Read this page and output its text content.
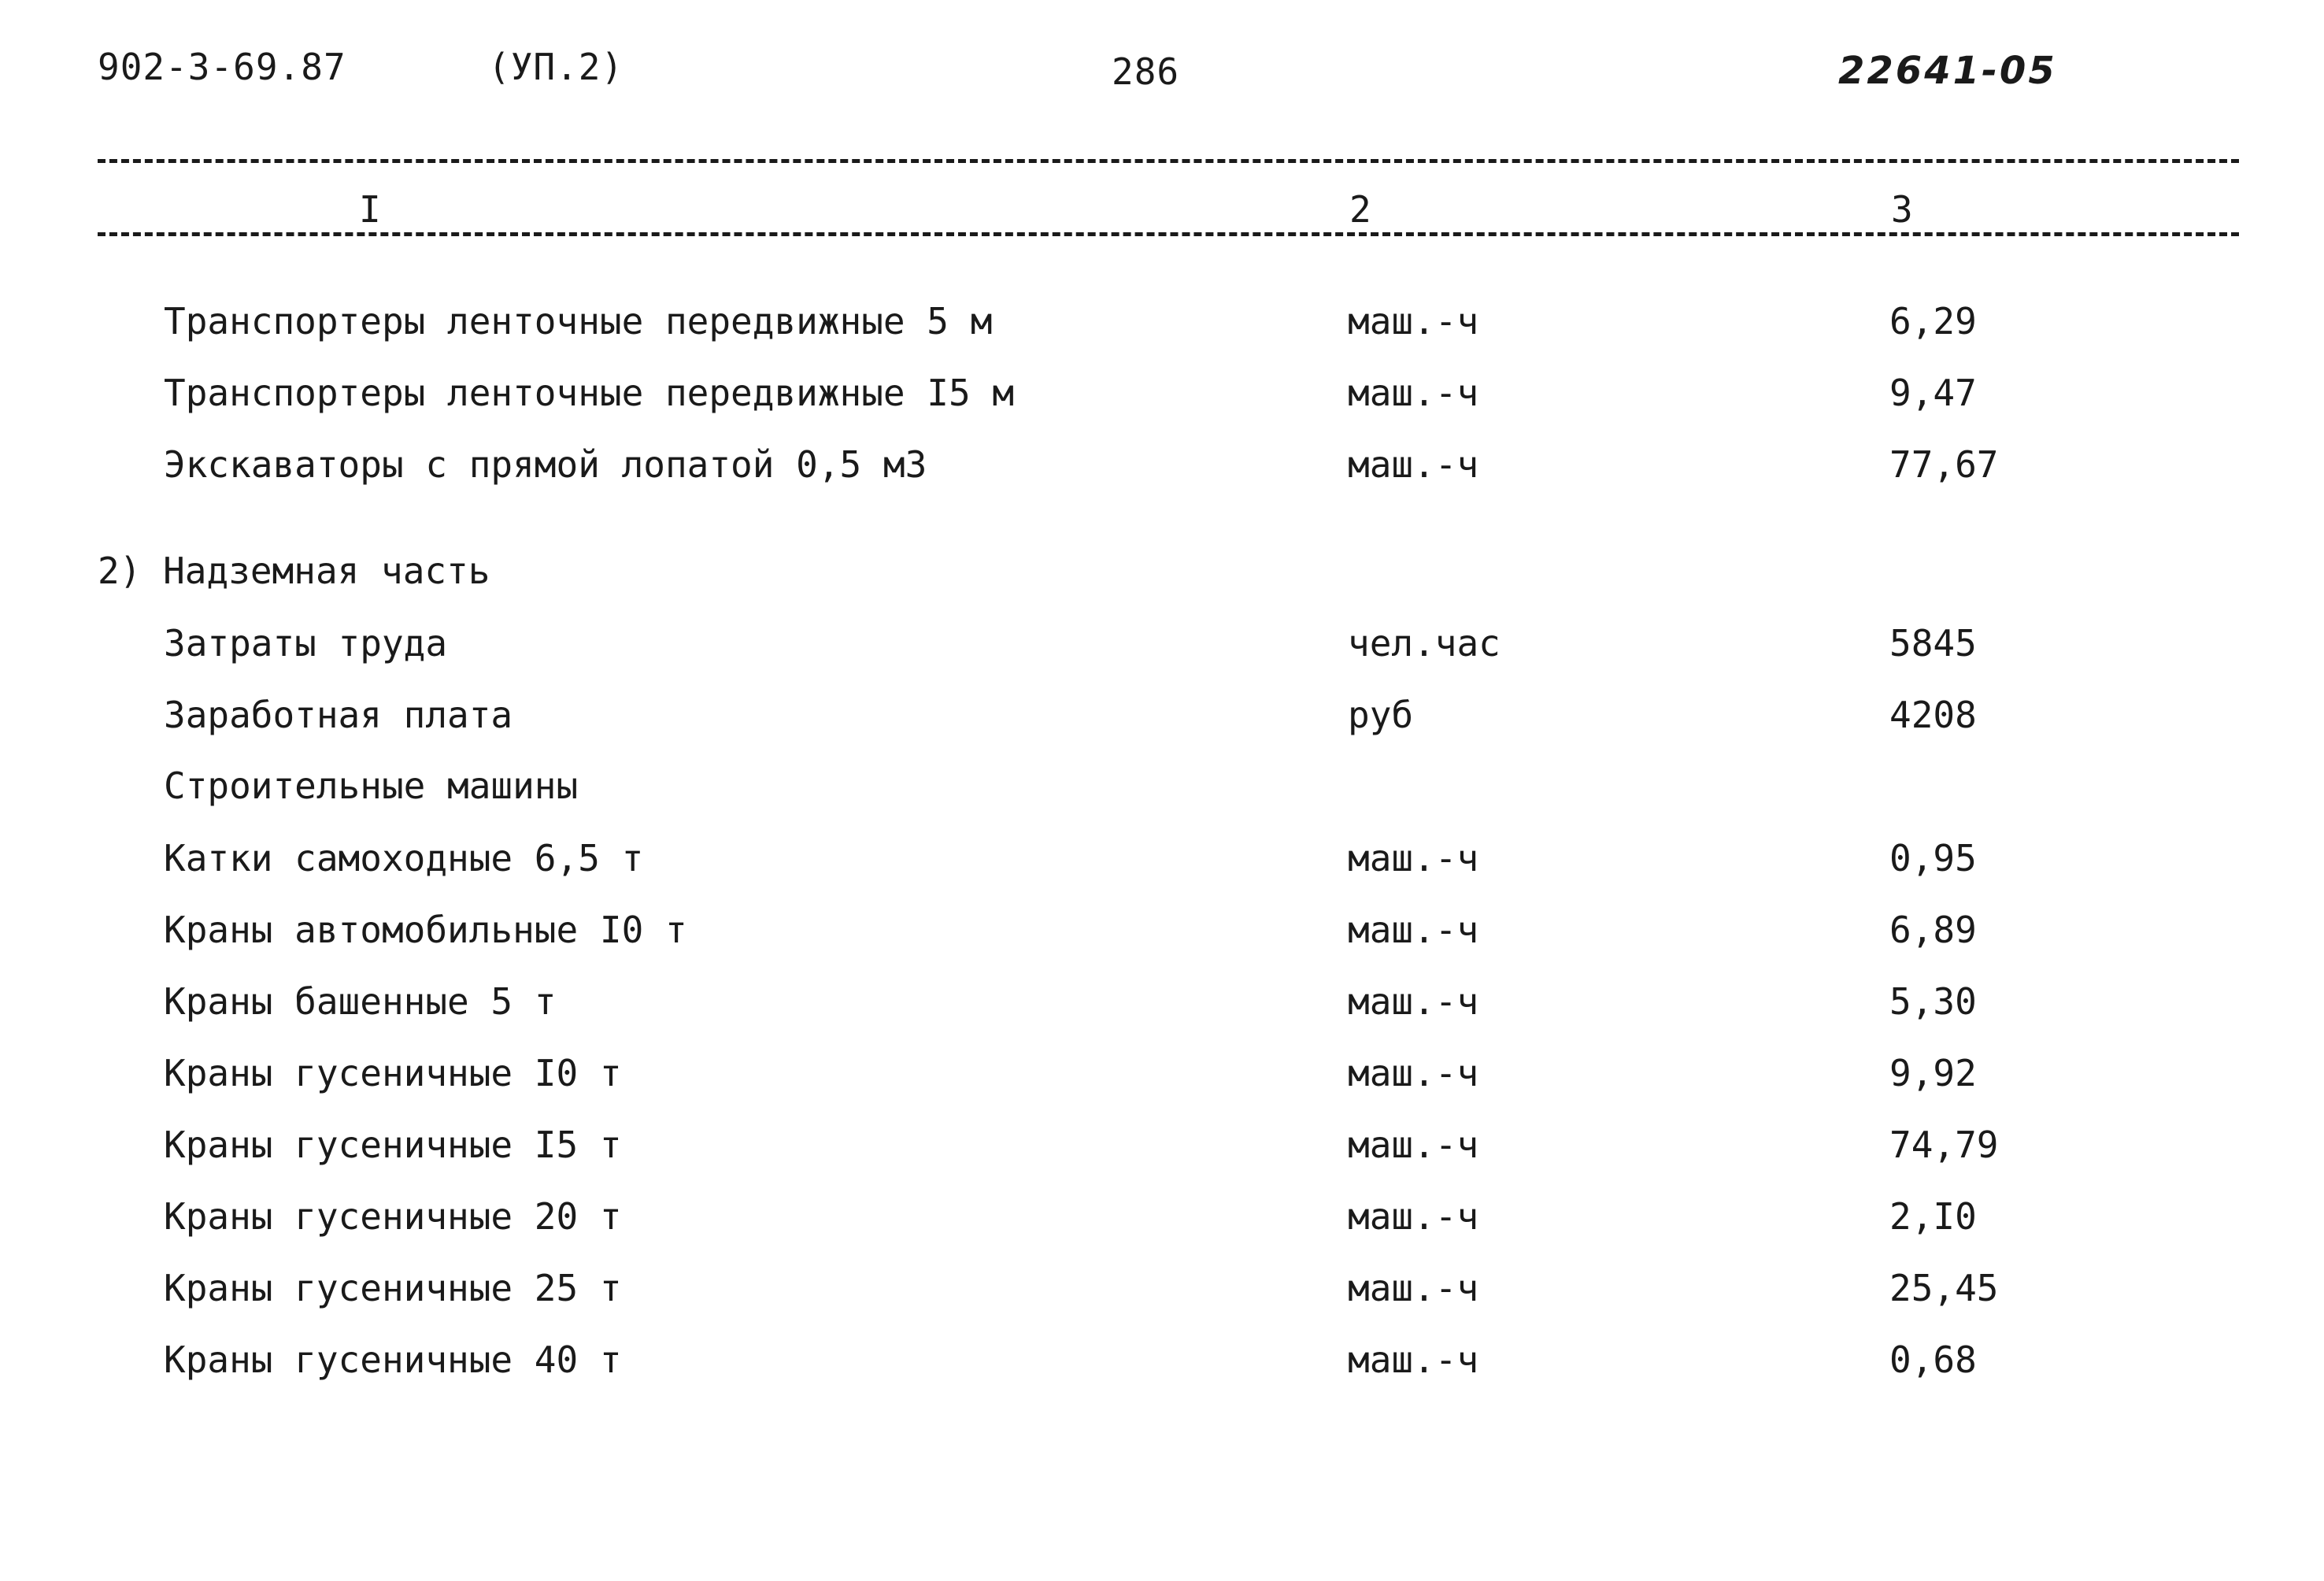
902-3-69.87	(УП.2)	286	22641-05
I	2	3
Транспортеры ленточные передвижные 5 м	маш.-ч	6,29
Транспортеры ленточные передвижные I5 м	маш.-ч	9,47
Экскаваторы с прямой лопатой 0,5 м3	маш.-ч	77,67
2) Надземная часть
Затраты труда	чел.час	5845
Заработная плата	руб	4208
Строительные машины
Катки самоходные 6,5 т	маш.-ч	0,95
Краны автомобильные I0 т	маш.-ч	6,89
Краны башенные 5 т	маш.-ч	5,30
Краны гусеничные I0 т	маш.-ч	9,92
Краны гусеничные I5 т	маш.-ч	74,79
Краны гусеничные 20 т	маш.-ч	2,I0
Краны гусеничные 25 т	маш.-ч	25,45
Краны гусеничные 40 т	маш.-ч	0,68
